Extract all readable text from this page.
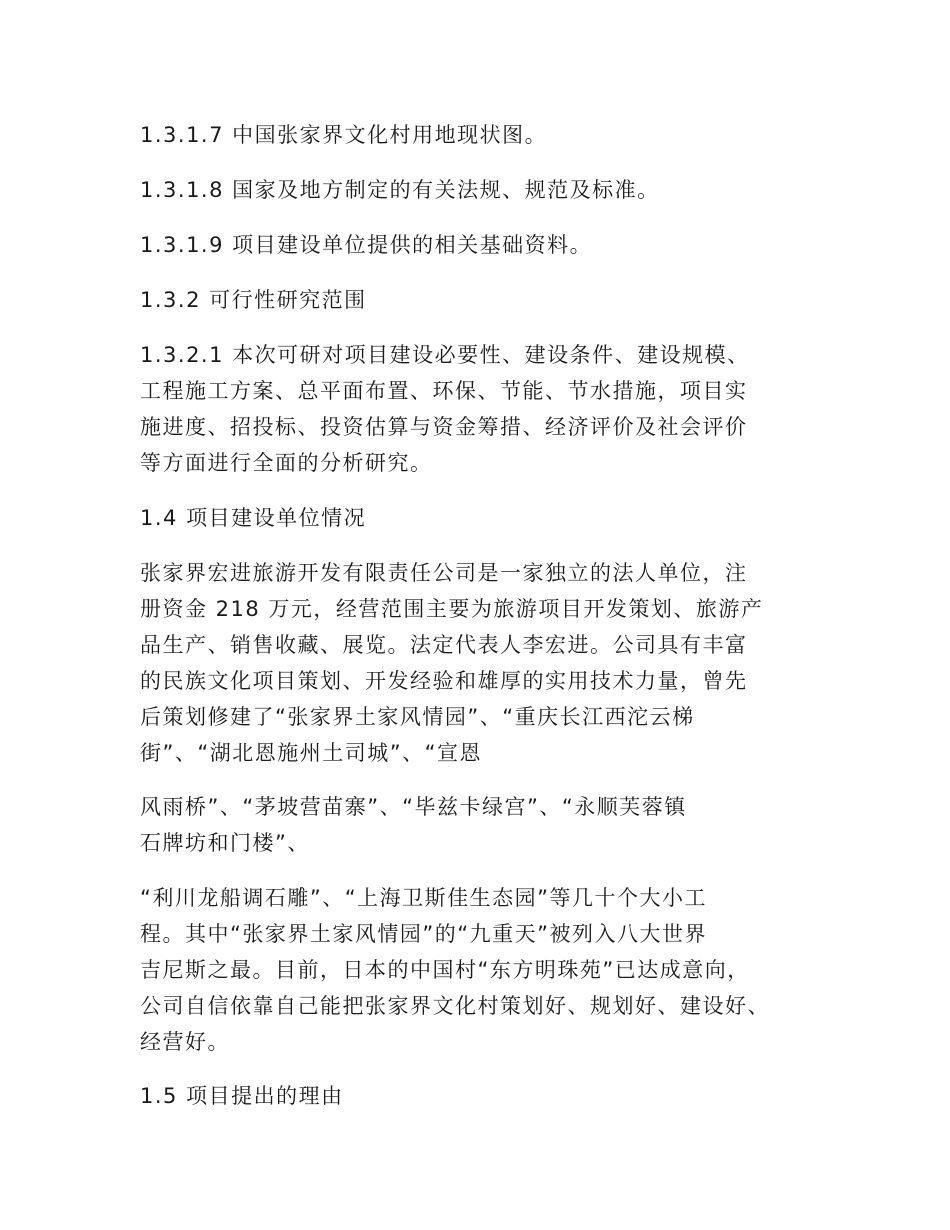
1.3.1.7 中国张家界文化村用地现状图。

1.3.1.8 国家及地方制定的有关法规、规范及标准。

1.3.1.9 项目建设单位提供的相关基础资料。

1.3.2 可行性研究范围

1.3.2.1 本次可研对项目建设必要性、建设条件、建设规模、
工程施工方案、总平面布置、环保、节能、节水措施，项目实
施进度、招投标、投资估算与资金筹措、经济评价及社会评价
等方面进行全面的分析研究。

1.4 项目建设单位情况

张家界宏进旅游开发有限责任公司是一家独立的法人单位，注
册资金 218 万元，经营范围主要为旅游项目开发策划、旅游产
品生产、销售收藏、展览。法定代表人李宏进。公司具有丰富
的民族文化项目策划、开发经验和雄厚的实用技术力量，曾先
后策划修建了“张家界土家风情园”、“重庆长江西沱云梯
街”、“湖北恩施州土司城”、“宣恩

风雨桥”、“茅坡营苗寨”、“毕兹卡绿宫”、“永顺芙蓉镇
石牌坊和门楼”、

“利川龙船调石雕”、“上海卫斯佳生态园”等几十个大小工
程。其中“张家界土家风情园”的“九重天”被列入八大世界
吉尼斯之最。目前，日本的中国村“东方明珠苑”已达成意向，
公司自信依靠自己能把张家界文化村策划好、规划好、建设好、
经营好。

1.5 项目提出的理由
